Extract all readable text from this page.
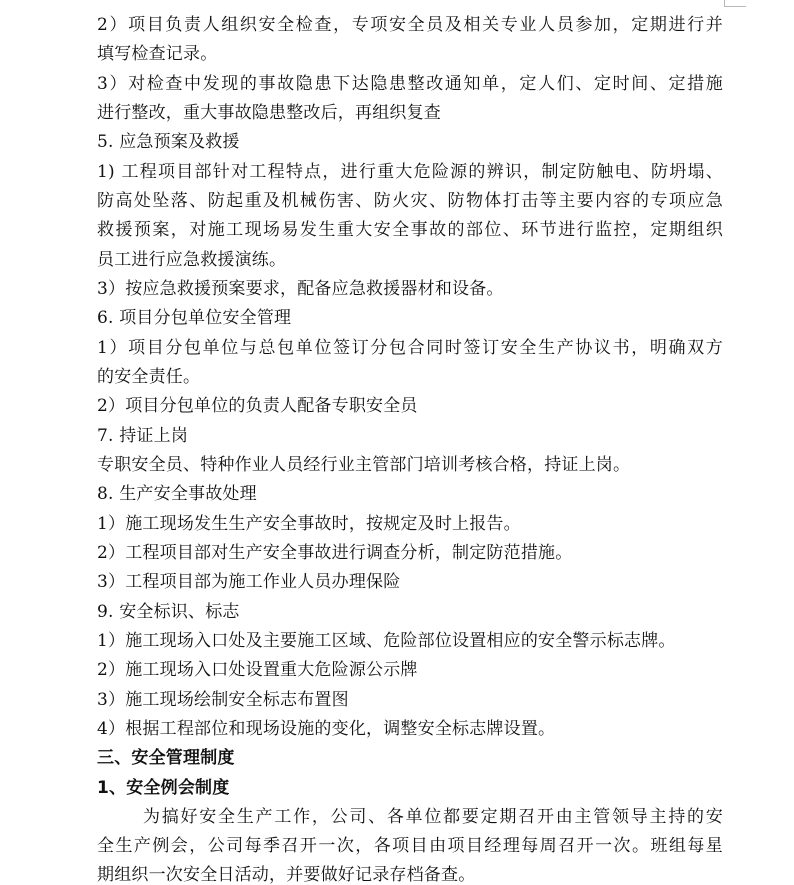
2）项目负责人组织安全检查，专项安全员及相关专业人员参加，定期进行并
填写检查记录。
3）对检查中发现的事故隐患下达隐患整改通知单，定人们、定时间、定措施
进行整改，重大事故隐患整改后，再组织复查
5. 应急预案及救援
1) 工程项目部针对工程特点，进行重大危险源的辨识，制定防触电、防坍塌、
防高处坠落、防起重及机械伤害、防火灾、防物体打击等主要内容的专项应急
救援预案，对施工现场易发生重大安全事故的部位、环节进行监控，定期组织
员工进行应急救援演练。
3）按应急救援预案要求，配备应急救援器材和设备。
6. 项目分包单位安全管理
1）项目分包单位与总包单位签订分包合同时签订安全生产协议书，明确双方
的安全责任。
2）项目分包单位的负责人配备专职安全员
7. 持证上岗
专职安全员、特种作业人员经行业主管部门培训考核合格，持证上岗。
8. 生产安全事故处理
1）施工现场发生生产安全事故时，按规定及时上报告。
2）工程项目部对生产安全事故进行调查分析，制定防范措施。
3）工程项目部为施工作业人员办理保险
9. 安全标识、标志
1）施工现场入口处及主要施工区域、危险部位设置相应的安全警示标志牌。
2）施工现场入口处设置重大危险源公示牌
3）施工现场绘制安全标志布置图
4）根据工程部位和现场设施的变化，调整安全标志牌设置。
三、安全管理制度
1、安全例会制度
为搞好安全生产工作，公司、各单位都要定期召开由主管领导主持的安
全生产例会，公司每季召开一次，各项目由项目经理每周召开一次。班组每星
期组织一次安全日活动，并要做好记录存档备查。
